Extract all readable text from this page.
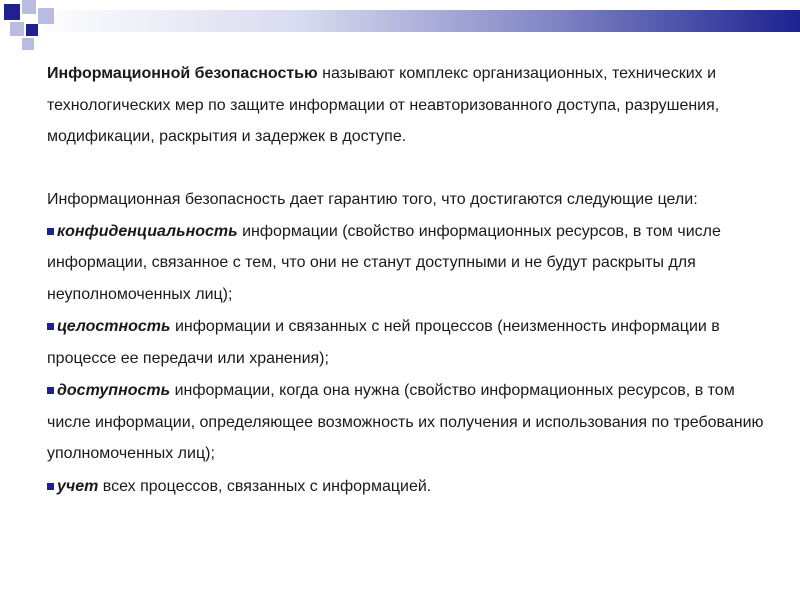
Информационной безопасностью называют комплекс организационных, технических и технологических мер по защите информации от неавторизованного доступа, разрушения, модификации, раскрытия и задержек в доступе.

Информационная безопасность дает гарантию того, что достигаются следующие цели:

конфиденциальность информации (свойство информационных ресурсов, в том числе информации, связанное с тем, что они не станут доступными и не будут раскрыты для неуполномоченных лиц);

целостность информации и связанных с ней процессов (неизменность информации в процессе ее передачи или хранения);

доступность информации, когда она нужна (свойство информационных ресурсов, в том числе информации, определяющее возможность их получения и использования по требованию уполномоченных лиц);

учет всех процессов, связанных с информацией.
